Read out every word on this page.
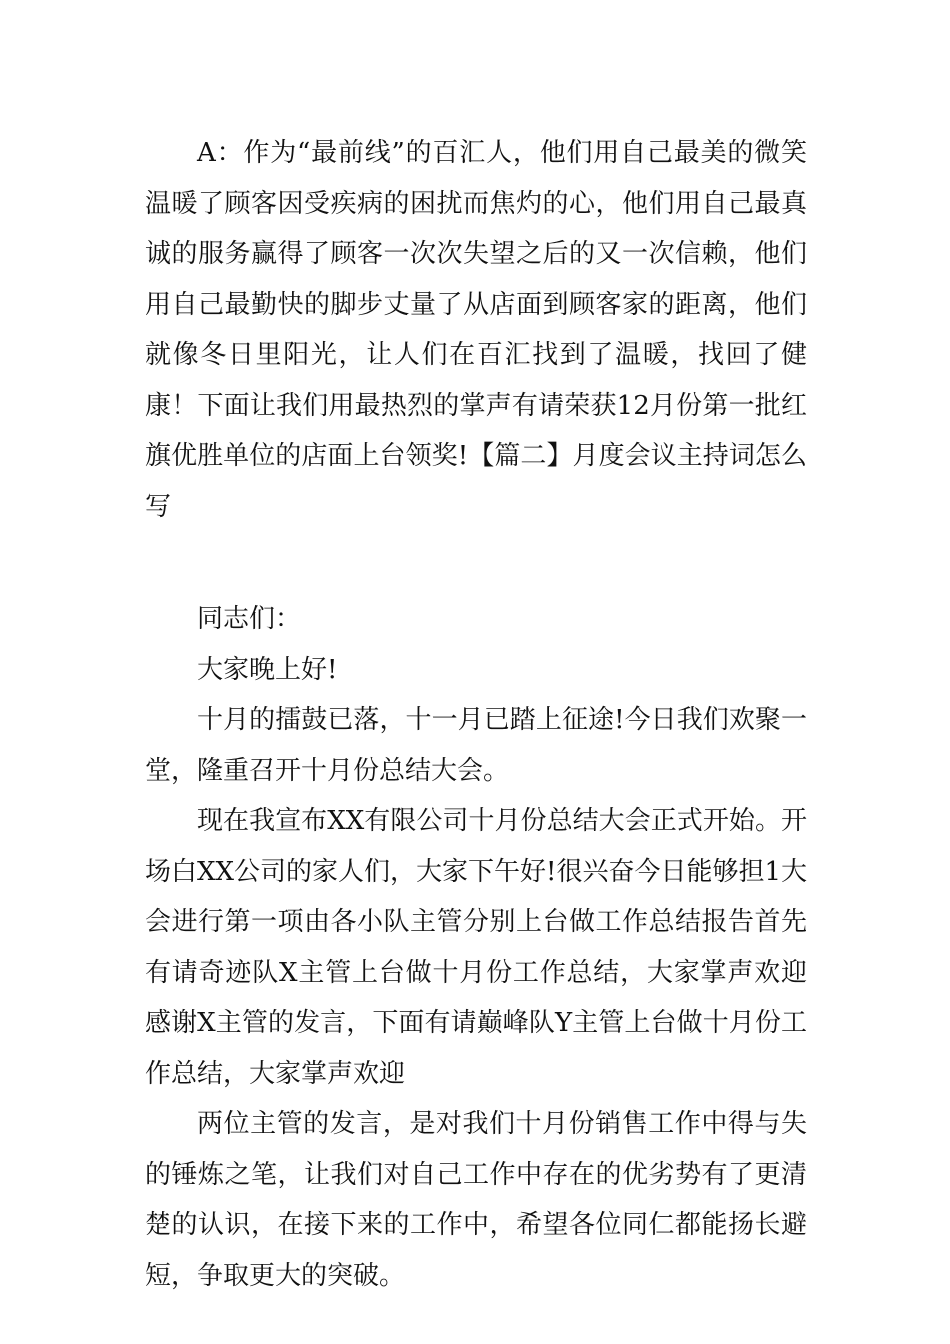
A：作为“最前线”的百汇人，他们用自己最美的微笑温暖了顾客因受疾病的困扰而焦灼的心，他们用自己最真诚的服务赢得了顾客一次次失望之后的又一次信赖，他们用自己最勤快的脚步丈量了从店面到顾客家的距离，他们就像冬日里阳光，让人们在百汇找到了温暖，找回了健康！下面让我们用最热烈的掌声有请荣获12月份第一批红旗优胜单位的店面上台领奖!【篇二】月度会议主持词怎么写

同志们：

大家晚上好!

十月的擂鼓已落，十一月已踏上征途!今日我们欢聚一堂，隆重召开十月份总结大会。

现在我宣布XX有限公司十月份总结大会正式开始。开场白XX公司的家人们，大家下午好!很兴奋今日能够担1大会进行第一项由各小队主管分别上台做工作总结报告首先有请奇迹队X主管上台做十月份工作总结，大家掌声欢迎感谢X主管的发言，下面有请巅峰队Y主管上台做十月份工作总结，大家掌声欢迎

两位主管的发言，是对我们十月份销售工作中得与失的锤炼之笔，让我们对自己工作中存在的优劣势有了更清楚的认识，在接下来的工作中，希望各位同仁都能扬长避短，争取更大的突破。
